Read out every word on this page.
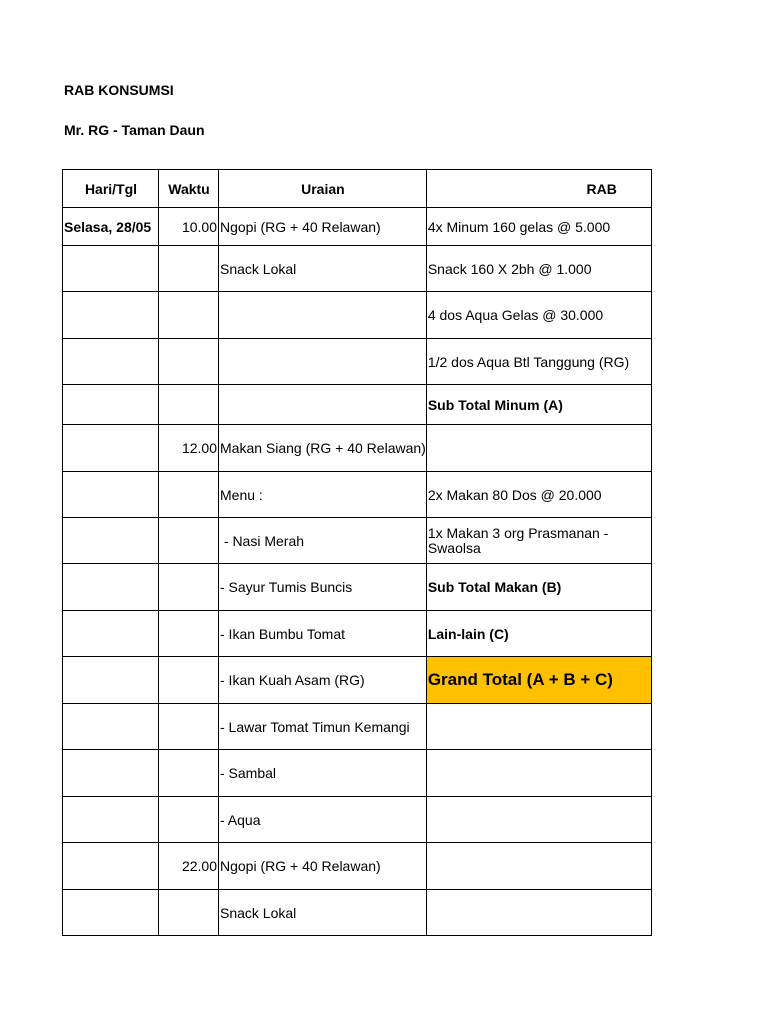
RAB KONSUMSI
Mr. RG - Taman Daun
Hari/Tgl	Waktu	Uraian	RAB
Selasa, 28/05	10.00	Ngopi (RG + 40 Relawan)	4x Minum 160 gelas @ 5.000
		Snack Lokal	Snack 160 X 2bh @ 1.000
			4 dos Aqua Gelas @ 30.000
			1/2 dos Aqua Btl Tanggung (RG)
			Sub Total Minum (A)
	12.00	Makan Siang (RG + 40 Relawan)	
		Menu :	2x Makan 80 Dos @ 20.000
		- Nasi Merah	1x Makan 3 org Prasmanan - Swaolsa
		- Sayur Tumis Buncis	Sub Total Makan (B)
		- Ikan Bumbu Tomat	Lain-lain (C)
		- Ikan Kuah Asam (RG)	Grand Total (A + B + C)
		- Lawar Tomat Timun Kemangi	
		- Sambal	
		- Aqua	
	22.00	Ngopi (RG + 40 Relawan)	
		Snack Lokal	
